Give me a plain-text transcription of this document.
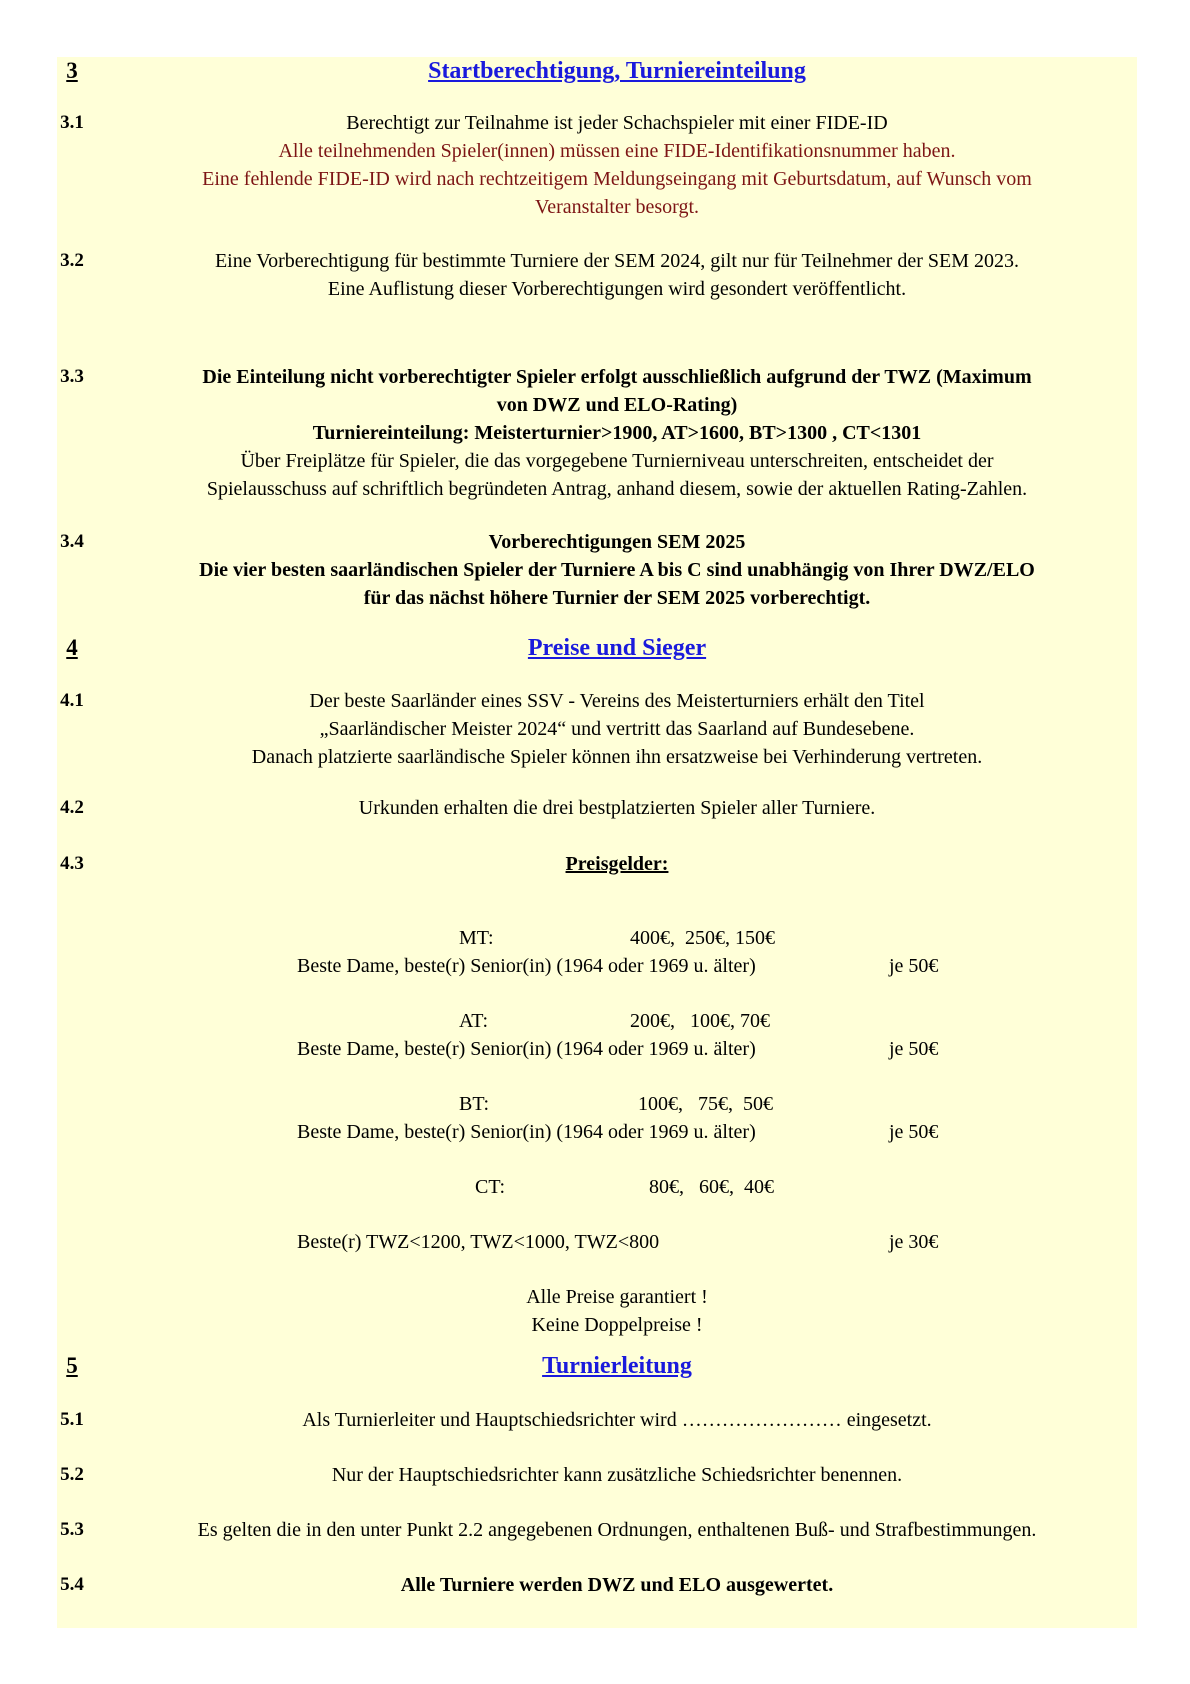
3	Startberechtigung, Turniereinteilung
3.1	Berechtigt zur Teilnahme ist jeder Schachspieler mit einer FIDE-ID
Alle teilnehmenden Spieler(innen) müssen eine FIDE-Identifikationsnummer haben.
Eine fehlende FIDE-ID wird nach rechtzeitigem Meldungseingang mit Geburtsdatum, auf Wunsch vom
Veranstalter besorgt.
3.2	Eine Vorberechtigung für bestimmte Turniere der SEM 2024, gilt nur für Teilnehmer der SEM 2023.
Eine Auflistung dieser Vorberechtigungen wird gesondert veröffentlicht.
3.3	Die Einteilung nicht vorberechtigter Spieler erfolgt ausschließlich aufgrund der TWZ (Maximum
von DWZ und ELO-Rating)
Turniereinteilung: Meisterturnier>1900, AT>1600, BT>1300 , CT<1301
Über Freiplätze für Spieler, die das vorgegebene Turnierniveau unterschreiten, entscheidet der
Spielausschuss auf schriftlich begründeten Antrag, anhand diesem, sowie der aktuellen Rating-Zahlen.
3.4	Vorberechtigungen SEM 2025
Die vier besten saarländischen Spieler der Turniere A bis C sind unabhängig von Ihrer DWZ/ELO
für das nächst höhere Turnier der SEM 2025 vorberechtigt.
4	Preise und Sieger
4.1	Der beste Saarländer eines SSV - Vereins des Meisterturniers erhält den Titel
„Saarländischer Meister 2024“ und vertritt das Saarland auf Bundesebene.
Danach platzierte saarländische Spieler können ihn ersatzweise bei Verhinderung vertreten.
4.2	Urkunden erhalten die drei bestplatzierten Spieler aller Turniere.
4.3	Preisgelder:
MT:	400€,  250€, 150€
Beste Dame, beste(r) Senior(in) (1964 oder 1969 u. älter)	je 50€
AT:	200€,   100€, 70€
Beste Dame, beste(r) Senior(in) (1964 oder 1969 u. älter)	je 50€
BT:	100€,   75€,  50€
Beste Dame, beste(r) Senior(in) (1964 oder 1969 u. älter)	je 50€
CT:	80€,   60€,  40€
Beste(r) TWZ<1200, TWZ<1000, TWZ<800	je 30€
Alle Preise garantiert !
Keine Doppelpreise !
5	Turnierleitung
5.1	Als Turnierleiter und Hauptschiedsrichter wird …………………… eingesetzt.
5.2	Nur der Hauptschiedsrichter kann zusätzliche Schiedsrichter benennen.
5.3	Es gelten die in den unter Punkt 2.2 angegebenen Ordnungen, enthaltenen Buß- und Strafbestimmungen.
5.4	Alle Turniere werden DWZ und ELO ausgewertet.
